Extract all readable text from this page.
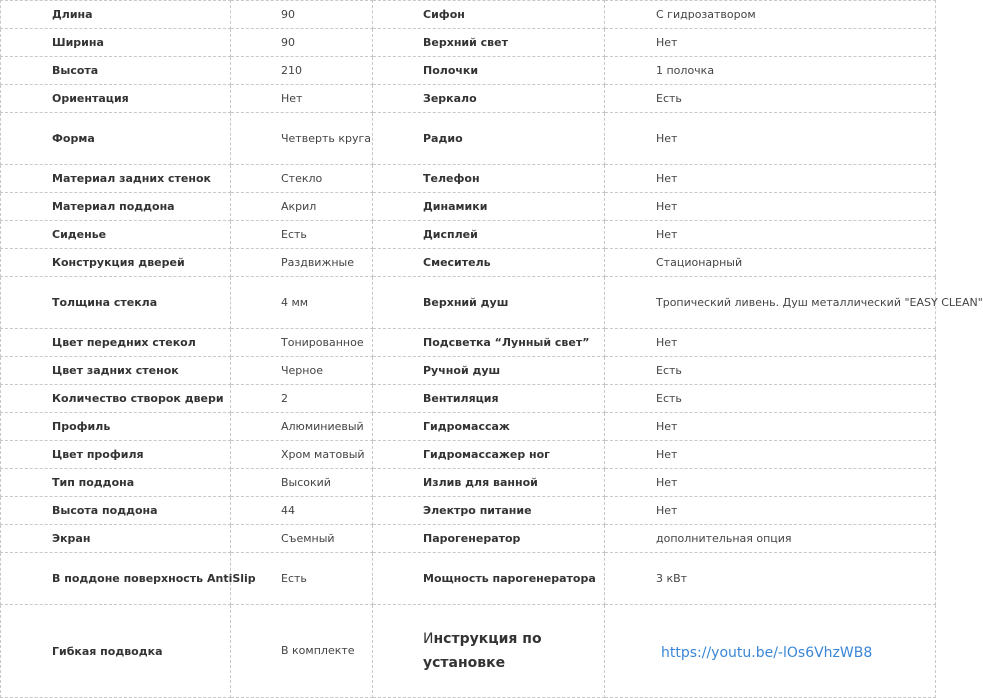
Длина	90	Сифон	С гидрозатвором
Ширина	90	Верхний свет	Нет
Высота	210	Полочки	1 полочка
Ориентация	Нет	Зеркало	Есть
Форма	Четверть круга	Радио	Нет
Материал задних стенок	Стекло	Телефон	Нет
Материал поддона	Акрил	Динамики	Нет
Сиденье	Есть	Дисплей	Нет
Конструкция дверей	Раздвижные	Смеситель	Стационарный
Толщина стекла	4 мм	Верхний душ	Тропический ливень. Душ металлический "EASY CLEAN"
Цвет передних стекол	Тонированное	Подсветка “Лунный свет”	Нет
Цвет задних стенок	Черное	Ручной душ	Есть
Количество створок двери	2	Вентиляция	Есть
Профиль	Алюминиевый	Гидромассаж	Нет
Цвет профиля	Хром матовый	Гидромассажер ног	Нет
Тип поддона	Высокий	Излив для ванной	Нет
Высота поддона	44	Электро питание	Нет
Экран	Съемный	Парогенератор	дополнительная опция
В поддоне поверхность AntiSlip	Есть	Мощность парогенератора	3 кВт
Гибкая подводка	В комплекте	Инструкция по установке	https://youtu.be/-lOs6VhzWB8
